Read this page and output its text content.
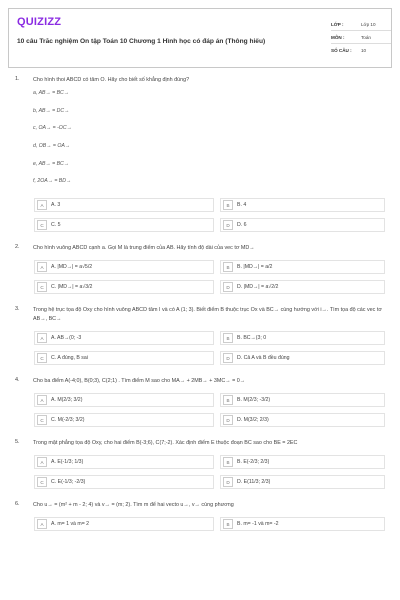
QUIZIZZ
10 câu Trắc nghiệm Ôn tập Toán 10 Chương 1 Hình học có đáp án (Thông hiểu)
LỚP :	Lớp 10
MÔN :	Toán
SỐ CÂU :	10
1. Cho hình thoi ABCD có tâm O. Hãy cho biết số khẳng định đúng?
a, AB→ = BC→
b, AB→ = DC→
c, OA→ = -OC→
d, OB→ = OA→
e, AB→ = BC→
f, 2OA→ = BD→
A	A. 3	B	B. 4
C	C. 5	D	D. 6
2. Cho hình vuông ABCD cạnh a. Gọi M là trung điểm của AB. Hãy tính độ dài của vec tơ MD→
A	A. |MD→| = a√5/2	B	B. |MD→| = a/2
C	C. |MD→| = a√3/2	D	D. |MD→| = a√2/2
3. Trong hệ trục tọa độ Oxy cho hình vuông ABCD tâm I và có A (1; 3). Biết điểm B thuộc trục Ox và BC→ cùng hướng với i→. Tìm tọa độ các vec tơ AB→, BC→
A	A. AB→(0; -3	B	B. BC→(3; 0
C	C. A đúng, B sai	D	D. Cả A và B đều đúng
4. Cho ba điểm A(-4;0), B(0;3), C(2;1) . Tìm điểm M sao cho MA→ + 2MB→ + 3MC→ = 0→
A	A. M(2/3; 3/2)	B	B. M(2/3; -3/2)
C	C. M(-2/3; 3/2)	D	D. M(3/2; 2/3)
5. Trong mặt phẳng tọa độ Oxy, cho hai điểm B(-3;6), C(7;-2). Xác định điểm E thuộc đoạn BC sao cho BE = 2EC
A	A. E(-1/3; 1/3)	B	B. E(-2/3; 2/3)
C	C. E(-1/3; -2/3)	D	D. E(11/3; 2/3)
6. Cho u→ = (m² + m - 2; 4) và v→ = (m; 2). Tìm m để hai vecto u→, v→ cùng phương
A	A. m= 1 và m= 2	B	B. m= -1 và m= -2
